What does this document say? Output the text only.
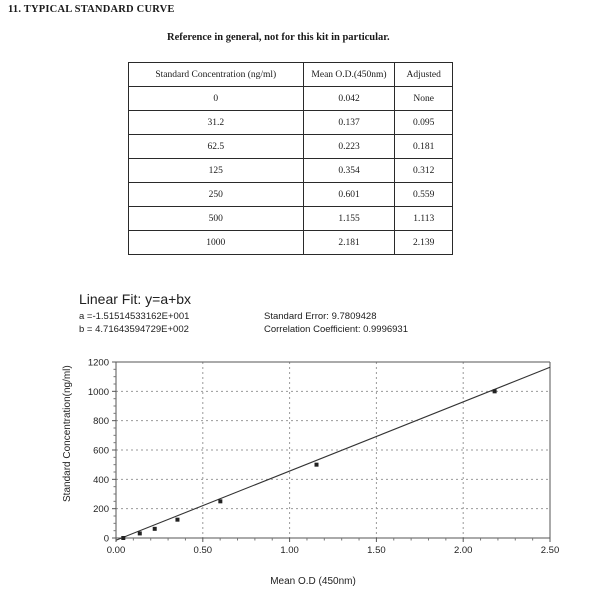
11. TYPICAL STANDARD CURVE
Reference in general, not for this kit in particular.
Standard Concentration (ng/ml)	Mean O.D.(450nm)	Adjusted
0	0.042	None
31.2	0.137	0.095
62.5	0.223	0.181
125	0.354	0.312
250	0.601	0.559
500	1.155	1.113
1000	2.181	2.139
Linear Fit: y=a+bx
a =-1.51514533162E+001
b = 4.71643594729E+002
Standard Error: 9.7809428
Correlation Coefficient: 0.9996931
Standard Concentration(ng/ml)
0.00	0.50	1.00	1.50	2.00	2.50
0
200
400
600
800
1000
1200
Mean O.D (450nm)
